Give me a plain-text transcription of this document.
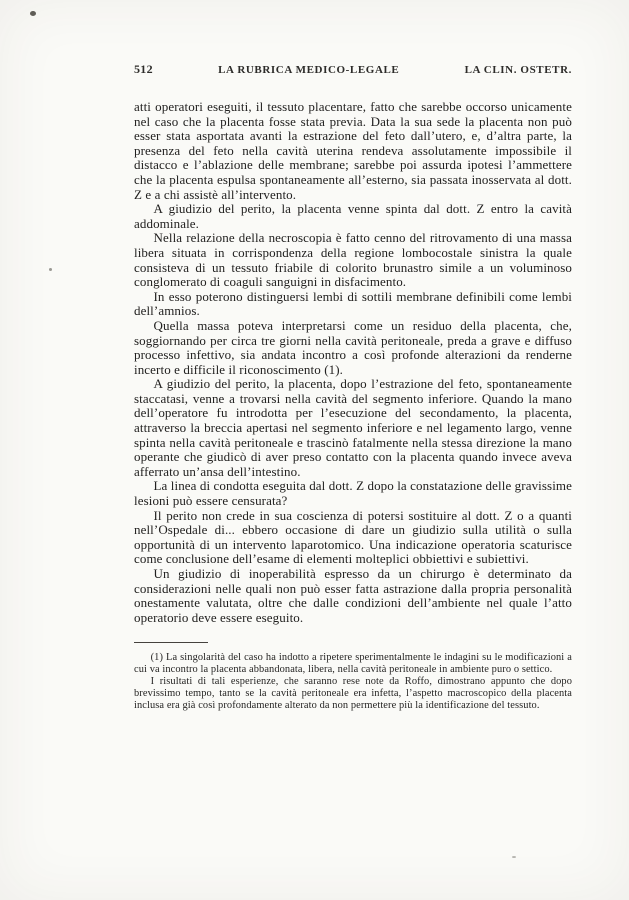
512	LA RUBRICA MEDICO-LEGALE	LA CLIN. OSTETR.

atti operatori eseguiti, il tessuto placentare, fatto che sarebbe occorso unicamente nel caso che la placenta fosse stata previa. Data la sua sede la placenta non può esser stata asportata avanti la estrazione del feto dall’utero, e, d’altra parte, la presenza del feto nella cavità uterina rendeva assolutamente impossibile il distacco e l’ablazione delle membrane; sarebbe poi assurda ipotesi l’ammettere che la placenta espulsa spontaneamente all’esterno, sia passata inosservata al dott. Z e a chi assistè all’intervento.

A giudizio del perito, la placenta venne spinta dal dott. Z entro la cavità addominale.

Nella relazione della necroscopia è fatto cenno del ritrovamento di una massa libera situata in corrispondenza della regione lombocostale sinistra la quale consisteva di un tessuto friabile di colorito brunastro simile a un voluminoso conglomerato di coaguli sanguigni in disfacimento.

In esso poterono distinguersi lembi di sottili membrane definibili come lembi dell’amnios.

Quella massa poteva interpretarsi come un residuo della placenta, che, soggiornando per circa tre giorni nella cavità peritoneale, preda a grave e diffuso processo infettivo, sia andata incontro a così profonde alterazioni da renderne incerto e difficile il riconoscimento (1).

A giudizio del perito, la placenta, dopo l’estrazione del feto, spontaneamente staccatasi, venne a trovarsi nella cavità del segmento inferiore. Quando la mano dell’operatore fu introdotta per l’esecuzione del secondamento, la placenta, attraverso la breccia apertasi nel segmento inferiore e nel legamento largo, venne spinta nella cavità peritoneale e trascinò fatalmente nella stessa direzione la mano operante che giudicò di aver preso contatto con la placenta quando invece aveva afferrato un’ansa dell’intestino.

La linea di condotta eseguita dal dott. Z dopo la constatazione delle gravissime lesioni può essere censurata?

Il perito non crede in sua coscienza di potersi sostituire al dott. Z o a quanti nell’Ospedale di... ebbero occasione di dare un giudizio sulla utilità o sulla opportunità di un intervento laparotomico. Una indicazione operatoria scaturisce come conclusione dell’esame di elementi molteplici obbiettivi e subiettivi.

Un giudizio di inoperabilità espresso da un chirurgo è determinato da considerazioni nelle quali non può esser fatta astrazione dalla propria personalità onestamente valutata, oltre che dalle condizioni dell’ambiente nel quale l’atto operatorio deve essere eseguito.

(1) La singolarità del caso ha indotto a ripetere sperimentalmente le indagini su le modificazioni a cui va incontro la placenta abbandonata, libera, nella cavità peritoneale in ambiente puro o settico.

I risultati di tali esperienze, che saranno rese note da Roffo, dimostrano appunto che dopo brevissimo tempo, tanto se la cavità peritoneale era infetta, l’aspetto macroscopico della placenta inclusa era già così profondamente alterato da non permettere più la identificazione del tessuto.
